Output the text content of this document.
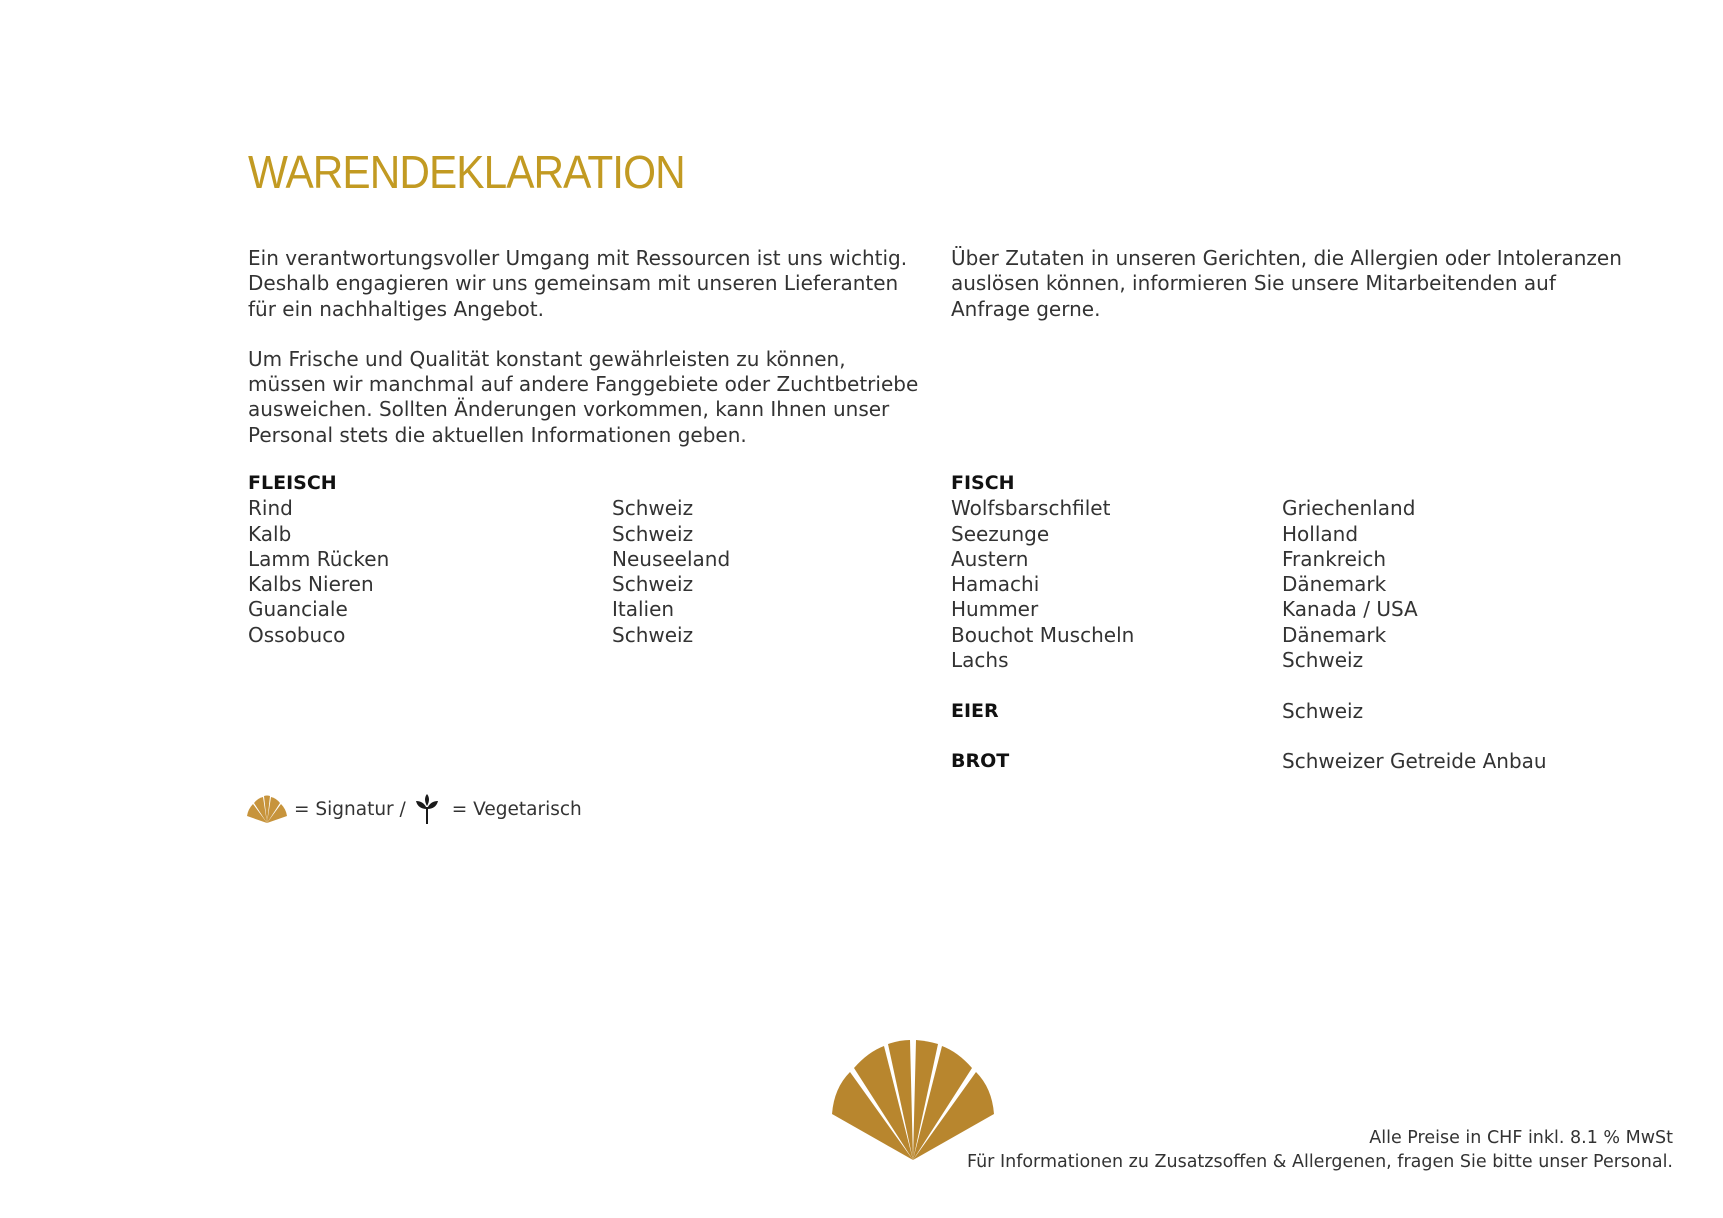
WARENDEKLARATION

Ein verantwortungsvoller Umgang mit Ressourcen ist uns wichtig. Deshalb engagieren wir uns gemeinsam mit unseren Lieferanten für ein nachhaltiges Angebot.

Um Frische und Qualität konstant gewährleisten zu können, müssen wir manchmal auf andere Fanggebiete oder Zuchtbetriebe ausweichen. Sollten Änderungen vorkommen, kann Ihnen unser Personal stets die aktuellen Informationen geben.

Über Zutaten in unseren Gerichten, die Allergien oder Intoleranzen auslösen können, informieren Sie unsere Mitarbeitenden auf Anfrage gerne.

FLEISCH
Rind	Schweiz
Kalb	Schweiz
Lamm Rücken	Neuseeland
Kalbs Nieren	Schweiz
Guanciale	Italien
Ossobuco	Schweiz
FISCH
Wolfsbarschfilet	Griechenland
Seezunge	Holland
Austern	Frankreich
Hamachi	Dänemark
Hummer	Kanada / USA
Bouchot Muscheln	Dänemark
Lachs	Schweiz
EIER	Schweiz
BROT	Schweizer Getreide Anbau
= Signatur / = Vegetarisch
Alle Preise in CHF inkl. 8.1 % MwSt
Für Informationen zu Zusatzsoffen & Allergenen, fragen Sie bitte unser Personal.
